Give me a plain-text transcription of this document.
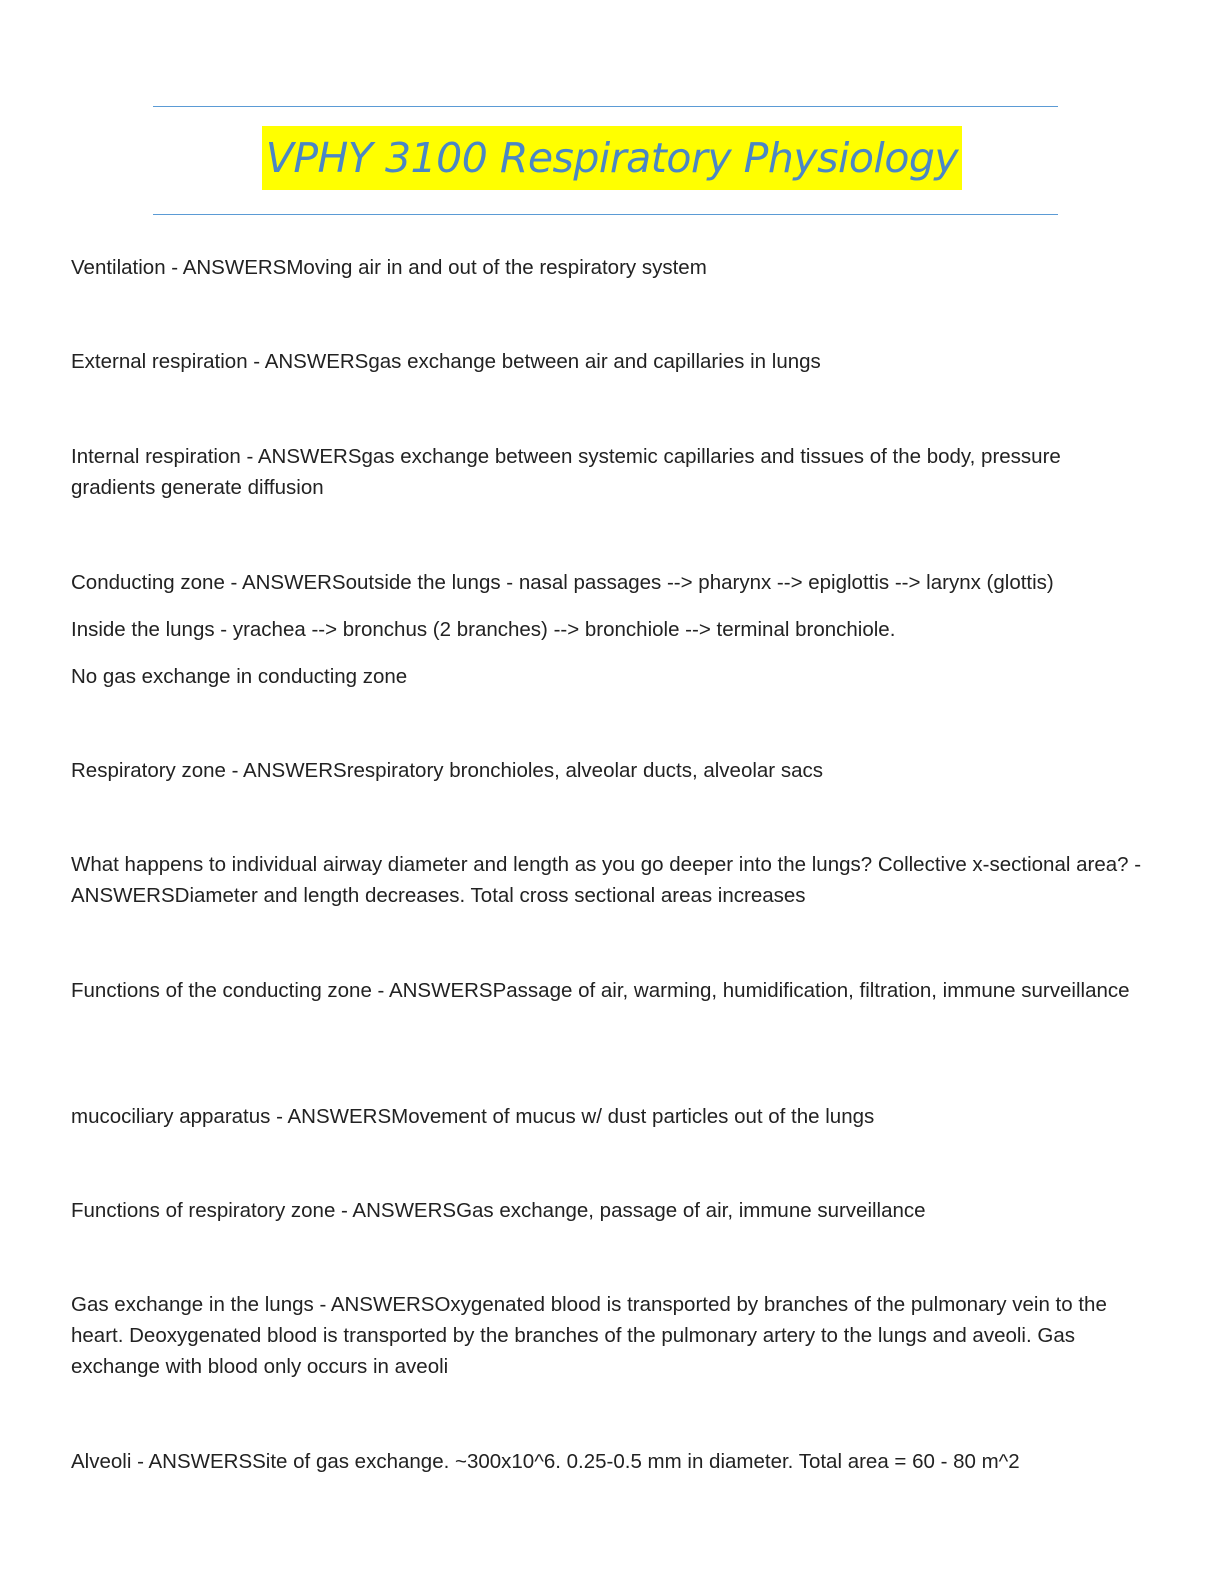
VPHY 3100 Respiratory Physiology

Ventilation - ANSWERSMoving air in and out of the respiratory system

External respiration - ANSWERSgas exchange between air and capillaries in lungs

Internal respiration - ANSWERSgas exchange between systemic capillaries and tissues of the body, pressure gradients generate diffusion

Conducting zone - ANSWERSoutside the lungs - nasal passages --> pharynx --> epiglottis --> larynx (glottis)

Inside the lungs - yrachea --> bronchus (2 branches) --> bronchiole --> terminal bronchiole.

No gas exchange in conducting zone

Respiratory zone - ANSWERSrespiratory bronchioles, alveolar ducts, alveolar sacs

What happens to individual airway diameter and length as you go deeper into the lungs? Collective x-sectional area? - ANSWERSDiameter and length decreases. Total cross sectional areas increases

Functions of the conducting zone - ANSWERSPassage of air, warming, humidification, filtration, immune surveillance

mucociliary apparatus - ANSWERSMovement of mucus w/ dust particles out of the lungs

Functions of respiratory zone - ANSWERSGas exchange, passage of air, immune surveillance

Gas exchange in the lungs - ANSWERSOxygenated blood is transported by branches of the pulmonary vein to the heart. Deoxygenated blood is transported by the branches of the pulmonary artery to the lungs and aveoli. Gas exchange with blood only occurs in aveoli

Alveoli - ANSWERSSite of gas exchange. ~300x10^6. 0.25-0.5 mm in diameter. Total area = 60 - 80 m^2
